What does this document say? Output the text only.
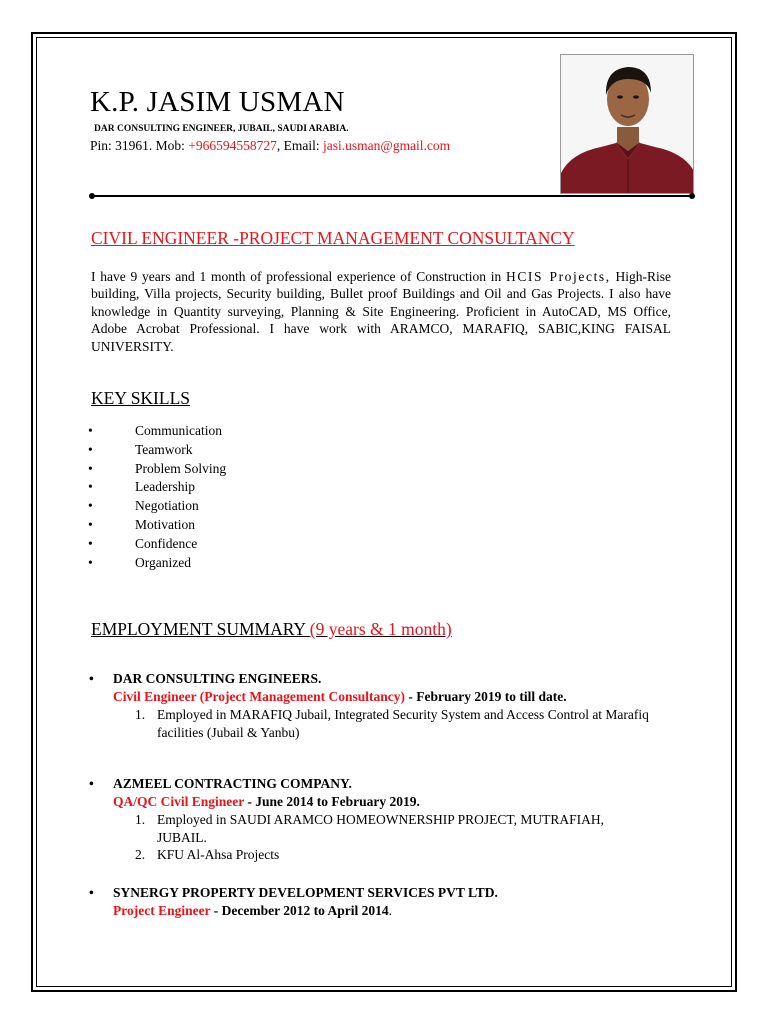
K.P. JASIM USMAN
DAR CONSULTING ENGINEER, JUBAIL, SAUDI ARABIA.
Pin: 31961. Mob: +966594558727, Email: jasi.usman@gmail.com
CIVIL ENGINEER -PROJECT MANAGEMENT CONSULTANCY

I have 9 years and 1 month of professional experience of Construction in HCIS Projects, High-Rise building, Villa projects, Security building, Bullet proof Buildings and Oil and Gas Projects. I also have knowledge in Quantity surveying, Planning & Site Engineering. Proficient in AutoCAD, MS Office, Adobe Acrobat Professional. I have work with ARAMCO, MARAFIQ, SABIC,KING FAISAL UNIVERSITY.

KEY SKILLS
• Communication
• Teamwork
• Problem Solving
• Leadership
• Negotiation
• Motivation
• Confidence
• Organized
EMPLOYMENT SUMMARY (9 years & 1 month)
• DAR CONSULTING ENGINEERS.
Civil Engineer (Project Management Consultancy) - February 2019 to till date.
1. Employed in MARAFIQ Jubail, Integrated Security System and Access Control at Marafiq facilities (Jubail & Yanbu)
• AZMEEL CONTRACTING COMPANY.
QA/QC Civil Engineer - June 2014 to February 2019.
1. Employed in SAUDI ARAMCO HOMEOWNERSHIP PROJECT, MUTRAFIAH, JUBAIL.
2. KFU Al-Ahsa Projects
• SYNERGY PROPERTY DEVELOPMENT SERVICES PVT LTD.
Project Engineer - December 2012 to April 2014.
